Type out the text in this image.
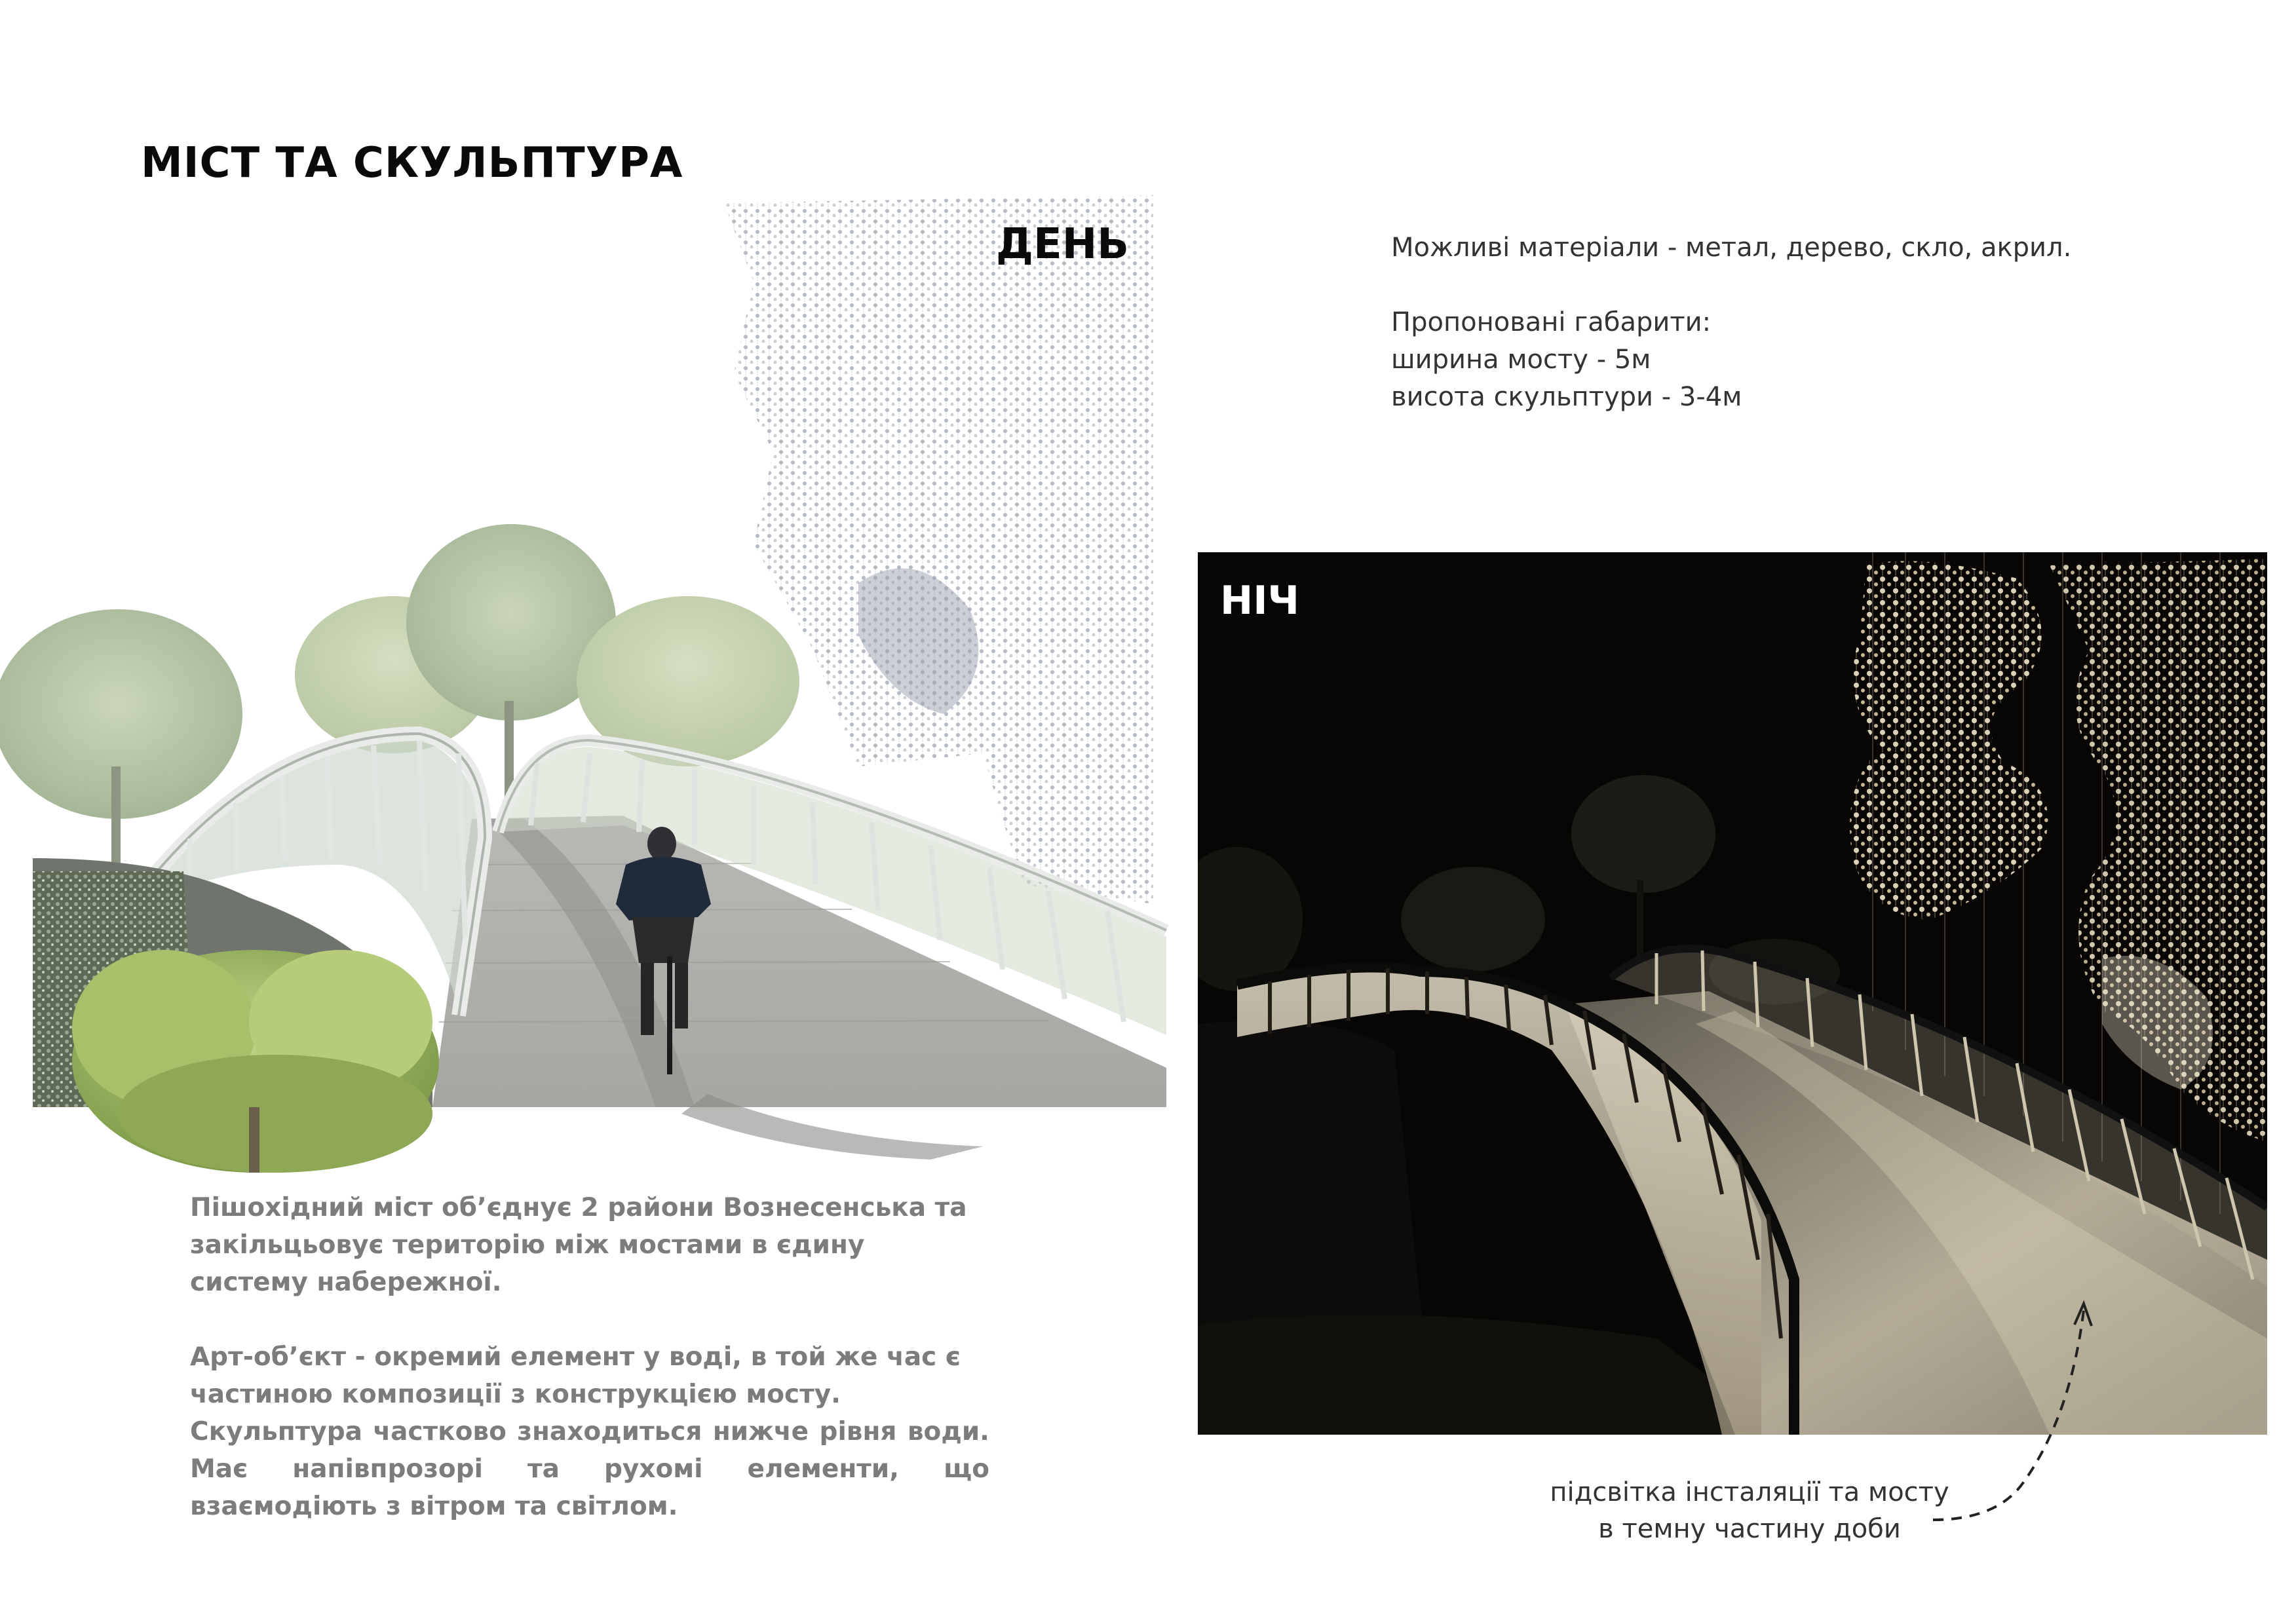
МІСТ ТА СКУЛЬПТУРА
ДЕНЬ	Можливі матеріали - метал, дерево, скло, акрил.

Пропоновані габарити:

ширина мосту - 5м

висота скульптури - 3-4м

НІЧ

Пішохідний міст об’єднує 2 райони Вознесенська та

закільцьовує територію між мостами в єдину

систему набережної.

Арт-об’єкт - окремий елемент у воді, в той же час є

частиною композиції з конструкцією мосту.

Скульптура частково знаходиться нижче рівня води. Має напівпрозорі та рухомі елементи, що взаємодіють з вітром та світлом.	підсвітка інсталяції та мосту

в темну частину доби
